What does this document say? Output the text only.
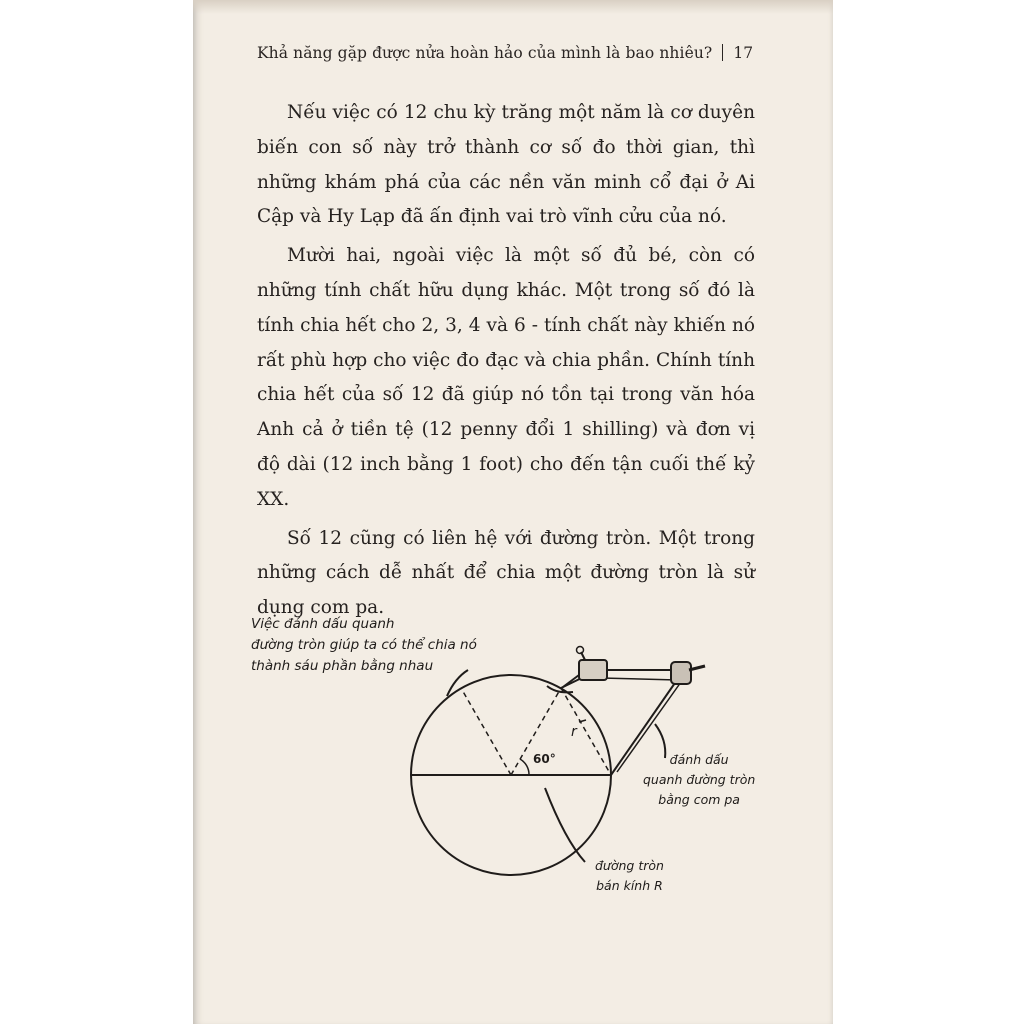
Khả năng gặp được nửa hoàn hảo của mình là bao nhiêu? 17

Nếu việc có 12 chu kỳ trăng một năm là cơ duyên biến con số này trở thành cơ số đo thời gian, thì những khám phá của các nền văn minh cổ đại ở Ai Cập và Hy Lạp đã ấn định vai trò vĩnh cửu của nó.

Mười hai, ngoài việc là một số đủ bé, còn có những tính chất hữu dụng khác. Một trong số đó là tính chia hết cho 2, 3, 4 và 6 - tính chất này khiến nó rất phù hợp cho việc đo đạc và chia phần. Chính tính chia hết của số 12 đã giúp nó tồn tại trong văn hóa Anh cả ở tiền tệ (12 penny đổi 1 shilling) và đơn vị độ dài (12 inch bằng 1 foot) cho đến tận cuối thế kỷ XX.

Số 12 cũng có liên hệ với đường tròn. Một trong những cách dễ nhất để chia một đường tròn là sử dụng com pa.

r
60°
Việc đánh dấu quanh
đường tròn giúp ta có thể chia nó
thành sáu phần bằng nhau
đánh dấu
quanh đường tròn
bằng com pa
đường tròn
bán kính R
